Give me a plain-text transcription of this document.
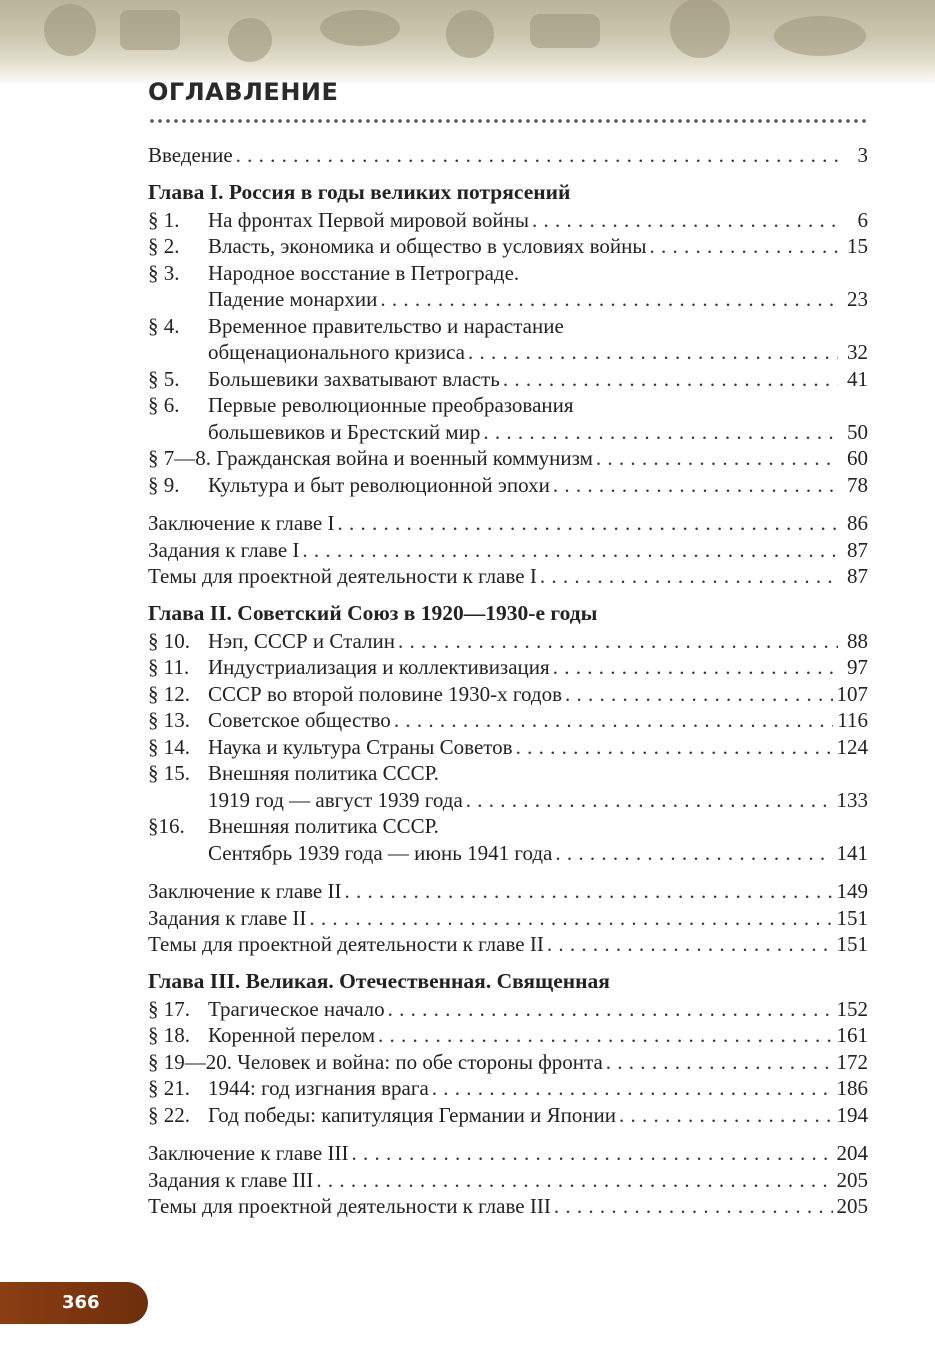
ОГЛАВЛЕНИЕ
Введение . . .	3
Глава I. Россия в годы великих потрясений
§ 1. На фронтах Первой мировой войны . . .	6
§ 2. Власть, экономика и общество в условиях войны . . .	15
§ 3. Народное восстание в Петрограде.
Падение монархии . . .	23
§ 4. Временное правительство и нарастание
общенационального кризиса . . .	32
§ 5. Большевики захватывают власть . . .	41
§ 6. Первые революционные преобразования
большевиков и Брестский мир . . .	50
§ 7—8. Гражданская война и военный коммунизм . . .	60
§ 9. Культура и быт революционной эпохи . . .	78
Заключение к главе I . . .	86
Задания к главе I . . .	87
Темы для проектной деятельности к главе I . . .	87
Глава II. Советский Союз в 1920—1930-е годы
§ 10. Нэп, СССР и Сталин . . .	88
§ 11. Индустриализация и коллективизация . . .	97
§ 12. СССР во второй половине 1930-х годов . . .	107
§ 13. Советское общество . . .	116
§ 14. Наука и культура Страны Советов . . .	124
§ 15. Внешняя политика СССР.
1919 год — август 1939 года . . .	133
§16. Внешняя политика СССР.
Сентябрь 1939 года — июнь 1941 года . . .	141
Заключение к главе II . . .	149
Задания к главе II . . .	151
Темы для проектной деятельности к главе II . . .	151
Глава III. Великая. Отечественная. Священная
§ 17. Трагическое начало . . .	152
§ 18. Коренной перелом . . .	161
§ 19—20. Человек и война: по обе стороны фронта . . .	172
§ 21. 1944: год изгнания врага . . .	186
§ 22. Год победы: капитуляция Германии и Японии . . .	194
Заключение к главе III . . .	204
Задания к главе III . . .	205
Темы для проектной деятельности к главе III . . .	205
366
